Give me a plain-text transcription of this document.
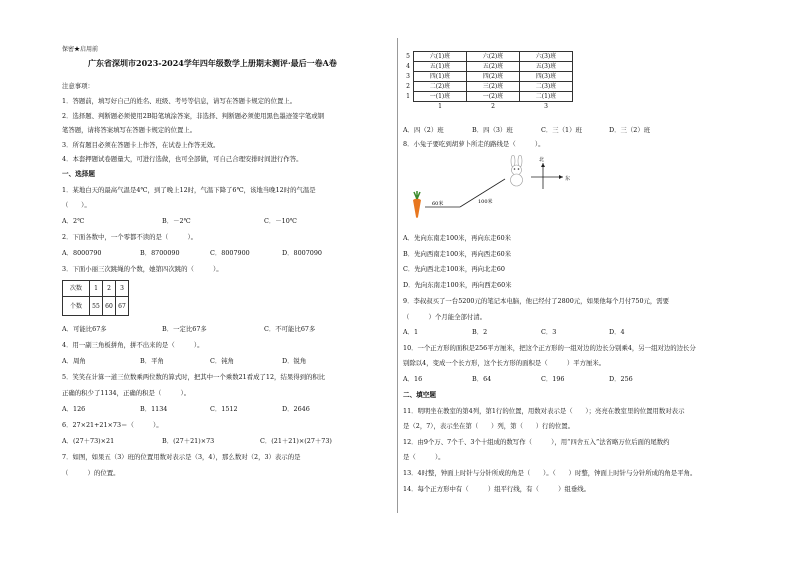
保密★启用前
广东省深圳市2023-2024学年四年级数学上册期末测评·最后一卷A卷
注意事项：
1．答题前，填写好自己的姓名、班级、考号等信息，请写在答题卡规定的位置上。
2．选择题、判断题必须使用2B铅笔填涂答案，非选择、判断题必须使用黑色墨迹签字笔或钢
笔答题，请将答案填写在答题卡规定的位置上。
3．所有题目必须在答题卡上作答，在试卷上作答无效。
4．本套押题试卷题量大，可进行选做，也可全部做，可自己合理安排时间进行作答。
一、选择题
1．某地白天的最高气温是4℃，到了晚上12时，气温下降了6℃，该地当晚12时的气温是
（　　）。
A．2℃	B．－2℃	C．－10℃
2．下面各数中，一个零都不读的是（　　　）。
A．8000790	B．8700090	C．8007900	D．8007090
3．下面小丽三次跳绳的个数，她第四次跳的（　　　）。
次数	1	2	3
个数	55	60	67
A．可能比67多	B．一定比67多	C．不可能比67多
4．用一副三角板拼角，拼不出来的是（　　　）。
A．周角	B．平角	C．钝角	D．锐角
5．笑笑在计算一道三位数乘两位数的算式时，把其中一个乘数21看成了12，结果得到的积比
正确的积少了1134，正确的积是（　　　）。
A．126	B．1134	C．1512	D．2646
6．27×21+21×73＝（　　　）。
A．(27＋73)×21	B．(27＋21)×73	C．(21＋21)×(27＋73)
7．如图，如果五（3）班的位置用数对表示是（3，4），那么数对（2，3）表示的是
（　　　）的位置。
5	六(1)班	六(2)班	六(3)班
4	五(1)班	五(2)班	五(3)班
3	四(1)班	四(2)班	四(3)班
2	二(2)班	三(2)班	二(3)班
1	一(1)班	一(2)班	二(1)班
	1	2	3
A．四（2）班	B．四（3）班	C．三（1）班	D．三（2）班
8．小兔子要吃到胡萝卜所走的路线是（　　　）。
60米	100米
北
东
A．先向东南走100米，再向东走60米
B．先向西南走100米，再向西走60米
C．先向西北走100米，再向北走60
D．先向东南走100米，再向西走60米
9．李叔叔买了一台5200元的笔记本电脑，他已经付了2800元，如果他每个月付750元，需要
（　　　）个月能全部付清。
A．1	B．2	C．3	D．4
10．一个正方形的面积是256平方厘米，把这个正方形的一组对边的边长分别乘4，另一组对边的边长分
别除以4，变成一个长方形，这个长方形的面积是（　　　）平方厘米。
A．16	B．64	C．196	D．256
二、填空题
11．明明坐在教室的第4列，第1行的位置，用数对表示是（　　）；亮亮在教室里的位置用数对表示
是（2，7），表示坐在第（　　）列，第（　　）行的位置。
12．由9个万、7个千、3个十组成的数写作（　　　），用“四舍五入”法省略万位后面的尾数约
是（　　　）。
13．4时整，钟面上时针与分针所成的角是（　　）。（　　）时整，钟面上时针与分针所成的角是平角。
14．每个正方形中有（　　　）组平行线，有（　　　）组垂线。
